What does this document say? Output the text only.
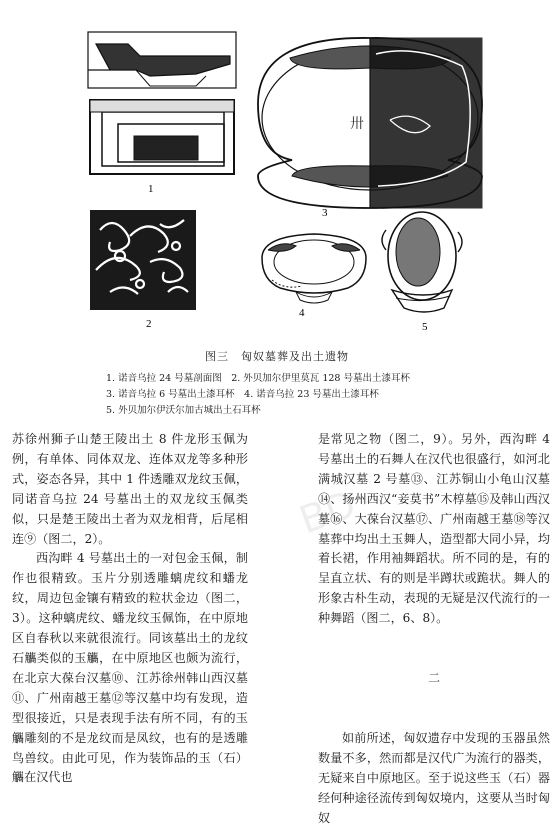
1
2
卅
3
4
5
图三　匈奴墓葬及出土遗物
1. 诺音乌拉 24 号墓剖面图　2. 外贝加尔伊里莫瓦 128 号墓出土漆耳杯
3. 诺音乌拉 6 号墓出土漆耳杯　4. 诺音乌拉 23 号墓出土漆耳杯
5. 外贝加尔伊沃尔加古城出土石耳杯
BD

苏徐州狮子山楚王陵出土 8 件龙形玉佩为例，有单体、同体双龙、连体双龙等多种形式，姿态各异，其中 1 件透雕双龙纹玉佩，同诺音乌拉 24 号墓出土的双龙纹玉佩类似，只是楚王陵出土者为双龙相背，后尾相连⑨（图二，2）。

西沟畔 4 号墓出土的一对包金玉佩，制作也很精致。玉片分别透雕螭虎纹和蟠龙纹，周边包金镶有精致的粒状金边（图二，3）。这种螭虎纹、蟠龙纹玉佩饰，在中原地区自春秋以来就很流行。同该墓出土的龙纹石觿类似的玉觿，在中原地区也颇为流行，在北京大葆台汉墓⑩、江苏徐州韩山西汉墓⑪、广州南越王墓⑫等汉墓中均有发现，造型很接近，只是表现手法有所不同，有的玉觿雕刻的不是龙纹而是凤纹，也有的是透雕鸟兽纹。由此可见，作为装饰品的玉（石）觿在汉代也

是常见之物（图二，9）。另外，西沟畔 4 号墓出土的石舞人在汉代也很盛行，如河北满城汉墓 2 号墓⑬、江苏铜山小龟山汉墓⑭、扬州西汉“妾莫书”木椁墓⑮及韩山西汉墓⑯、大葆台汉墓⑰、广州南越王墓⑱等汉墓葬中均出土玉舞人，造型都大同小异，均着长裙，作用袖舞蹈状。所不同的是，有的呈直立状、有的则是半蹲状或跪状。舞人的形象古朴生动，表现的无疑是汉代流行的一种舞蹈（图二，6、8）。

二

如前所述，匈奴遗存中发现的玉器虽然数量不多，然而都是汉代广为流行的器类，无疑来自中原地区。至于说这些玉（石）器经何种途径流传到匈奴境内，这要从当时匈奴
